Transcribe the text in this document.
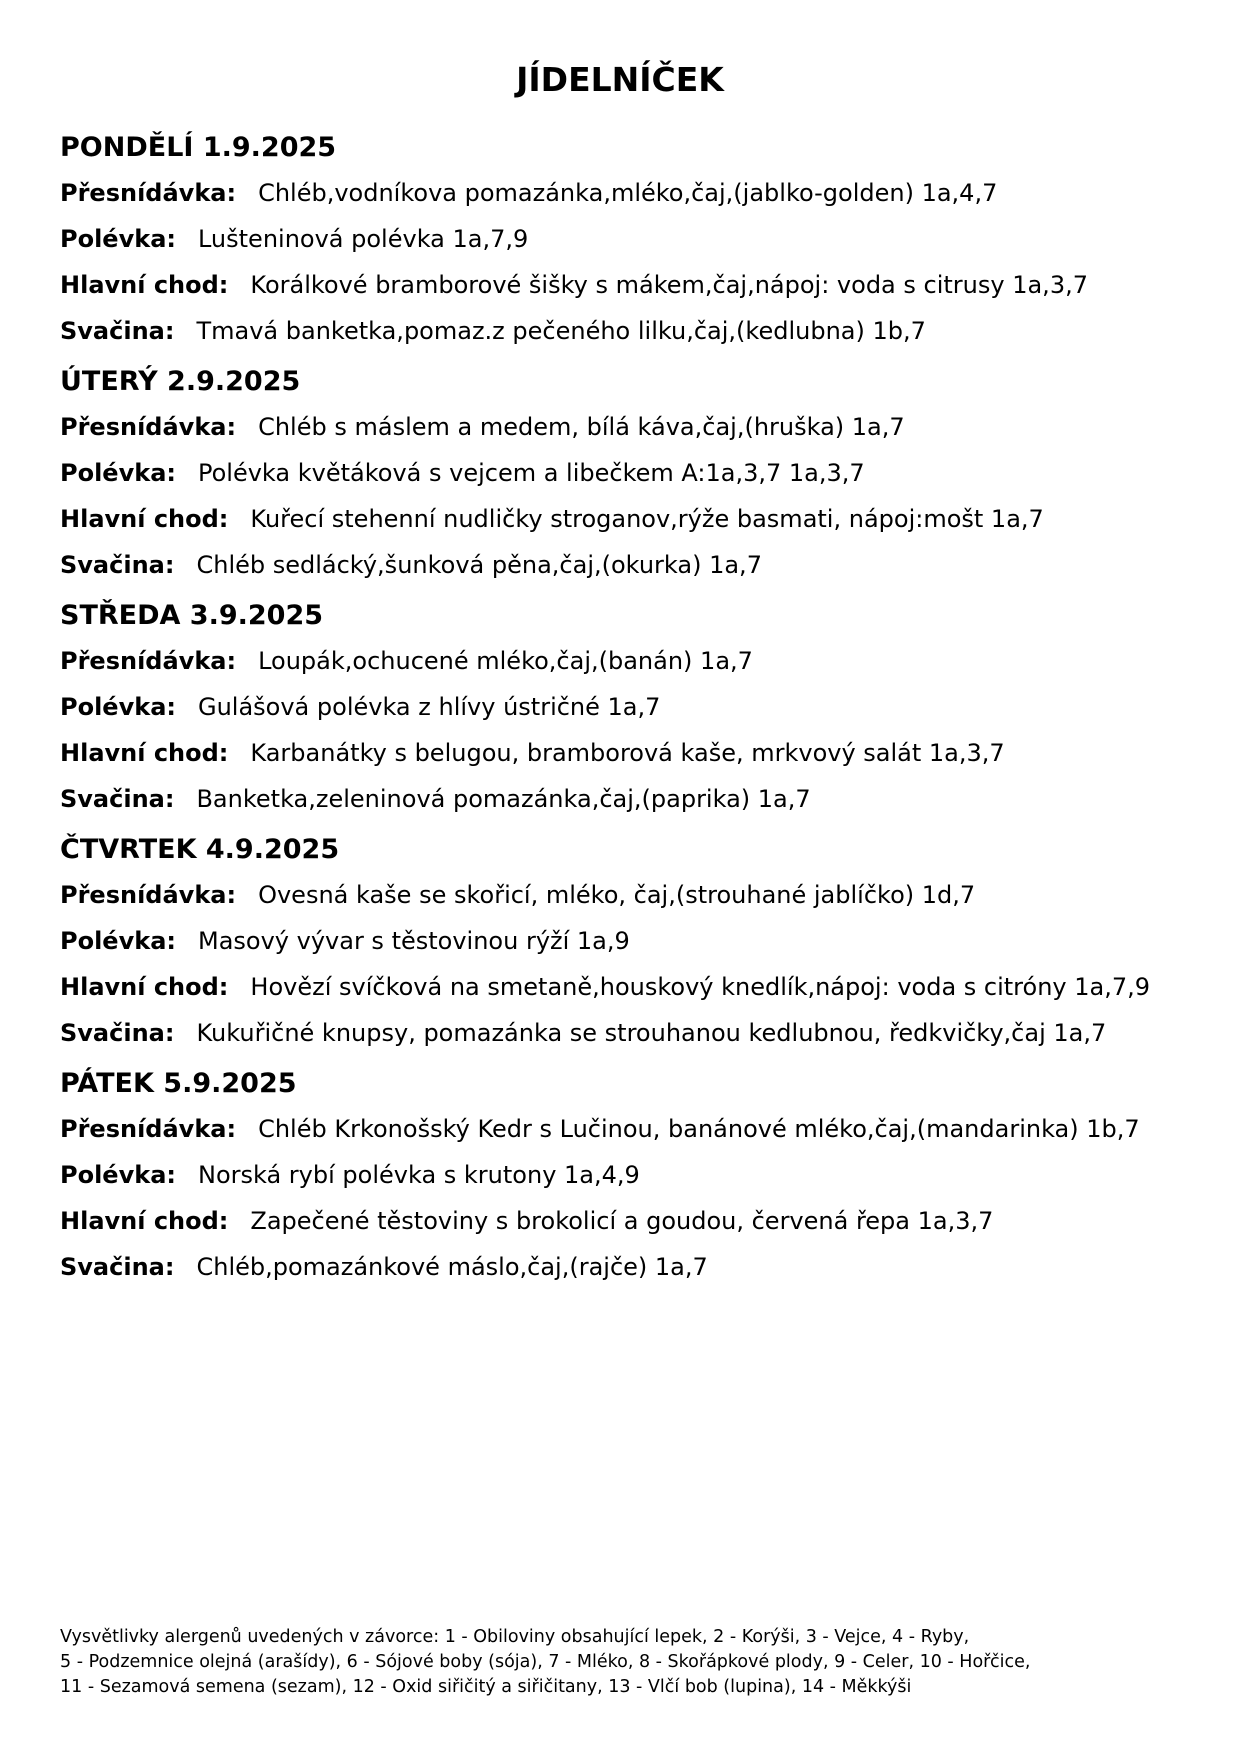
JÍDELNÍČEK
PONDĚLÍ 1.9.2025

Přesnídávka: Chléb,vodníkova pomazánka,mléko,čaj,(jablko-golden) 1a,4,7

Polévka: Lušteninová polévka 1a,7,9

Hlavní chod: Korálkové bramborové šišky s mákem,čaj,nápoj: voda s citrusy 1a,3,7

Svačina: Tmavá banketka,pomaz.z pečeného lilku,čaj,(kedlubna) 1b,7

ÚTERÝ 2.9.2025

Přesnídávka: Chléb s máslem a medem, bílá káva,čaj,(hruška) 1a,7

Polévka: Polévka květáková s vejcem a libečkem A:1a,3,7 1a,3,7

Hlavní chod: Kuřecí stehenní nudličky stroganov,rýže basmati, nápoj:mošt 1a,7

Svačina: Chléb sedlácký,šunková pěna,čaj,(okurka) 1a,7

STŘEDA 3.9.2025

Přesnídávka: Loupák,ochucené mléko,čaj,(banán) 1a,7

Polévka: Gulášová polévka z hlívy ústričné 1a,7

Hlavní chod: Karbanátky s belugou, bramborová kaše, mrkvový salát 1a,3,7

Svačina: Banketka,zeleninová pomazánka,čaj,(paprika) 1a,7

ČTVRTEK 4.9.2025

Přesnídávka: Ovesná kaše se skořicí, mléko, čaj,(strouhané jablíčko) 1d,7

Polévka: Masový vývar s těstovinou rýží 1a,9

Hlavní chod: Hovězí svíčková na smetaně,houskový knedlík,nápoj: voda s citróny 1a,7,9

Svačina: Kukuřičné knupsy, pomazánka se strouhanou kedlubnou, ředkvičky,čaj 1a,7

PÁTEK 5.9.2025

Přesnídávka: Chléb Krkonošský Kedr s Lučinou, banánové mléko,čaj,(mandarinka) 1b,7

Polévka: Norská rybí polévka s krutony 1a,4,9

Hlavní chod: Zapečené těstoviny s brokolicí a goudou, červená řepa 1a,3,7

Svačina: Chléb,pomazánkové máslo,čaj,(rajče) 1a,7

Vysvětlivky alergenů uvedených v závorce: 1 - Obiloviny obsahující lepek, 2 - Korýši, 3 - Vejce, 4 - Ryby,
5 - Podzemnice olejná (arašídy), 6 - Sójové boby (sója), 7 - Mléko, 8 - Skořápkové plody, 9 - Celer, 10 - Hořčice,
11 - Sezamová semena (sezam), 12 - Oxid siřičitý a siřičitany, 13 - Vlčí bob (lupina), 14 - Měkkýši
